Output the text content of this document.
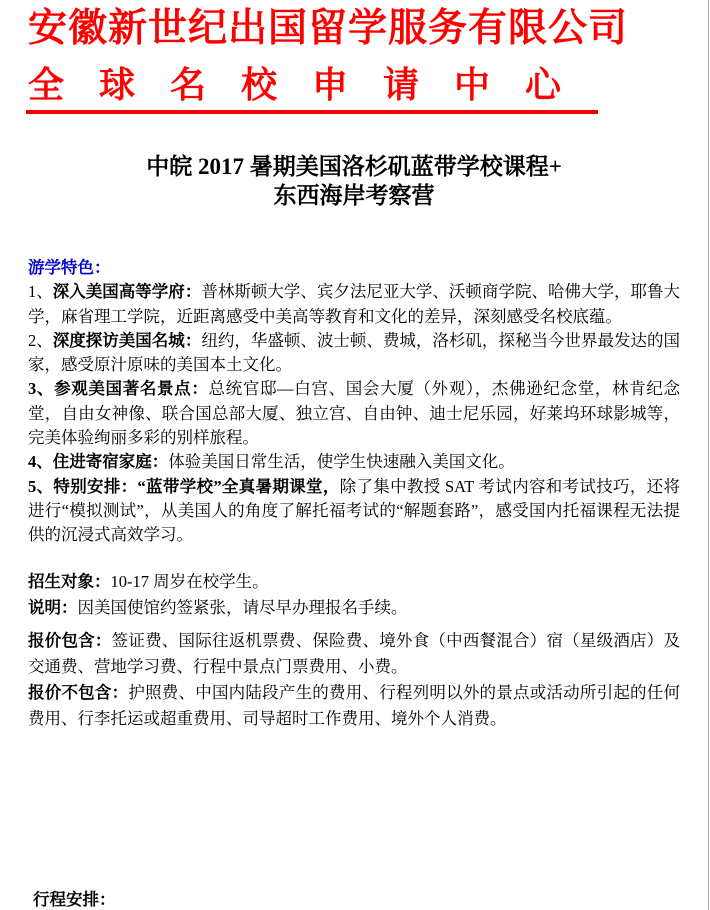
安徽新世纪出国留学服务有限公司
全球名校申请中心
中皖 2017 暑期美国洛杉矶蓝带学校课程+
东西海岸考察营

游学特色：

1、深入美国高等学府：普林斯顿大学、宾夕法尼亚大学、沃顿商学院、哈佛大学，耶鲁大学，麻省理工学院，近距离感受中美高等教育和文化的差异，深刻感受名校底蕴。

2、深度探访美国名城：纽约，华盛顿、波士顿、费城，洛杉矶，探秘当今世界最发达的国家，感受原汁原味的美国本土文化。

3、参观美国著名景点：总统官邸—白宫、国会大厦（外观），杰佛逊纪念堂，林肯纪念堂，自由女神像、联合国总部大厦、独立宫、自由钟、迪士尼乐园，好莱坞环球影城等，完美体验绚丽多彩的别样旅程。

4、住进寄宿家庭：体验美国日常生活，使学生快速融入美国文化。

5、特别安排：“蓝带学校”全真暑期课堂，除了集中教授 SAT 考试内容和考试技巧，还将进行“模拟测试”，从美国人的角度了解托福考试的“解题套路”，感受国内托福课程无法提供的沉浸式高效学习。

招生对象：10-17 周岁在校学生。

说明：因美国使馆约签紧张，请尽早办理报名手续。

报价包含：签证费、国际往返机票费、保险费、境外食（中西餐混合）宿（星级酒店）及交通费、营地学习费、行程中景点门票费用、小费。

报价不包含：护照费、中国内陆段产生的费用、行程列明以外的景点或活动所引起的任何费用、行李托运或超重费用、司导超时工作费用、境外个人消费。

行程安排：
